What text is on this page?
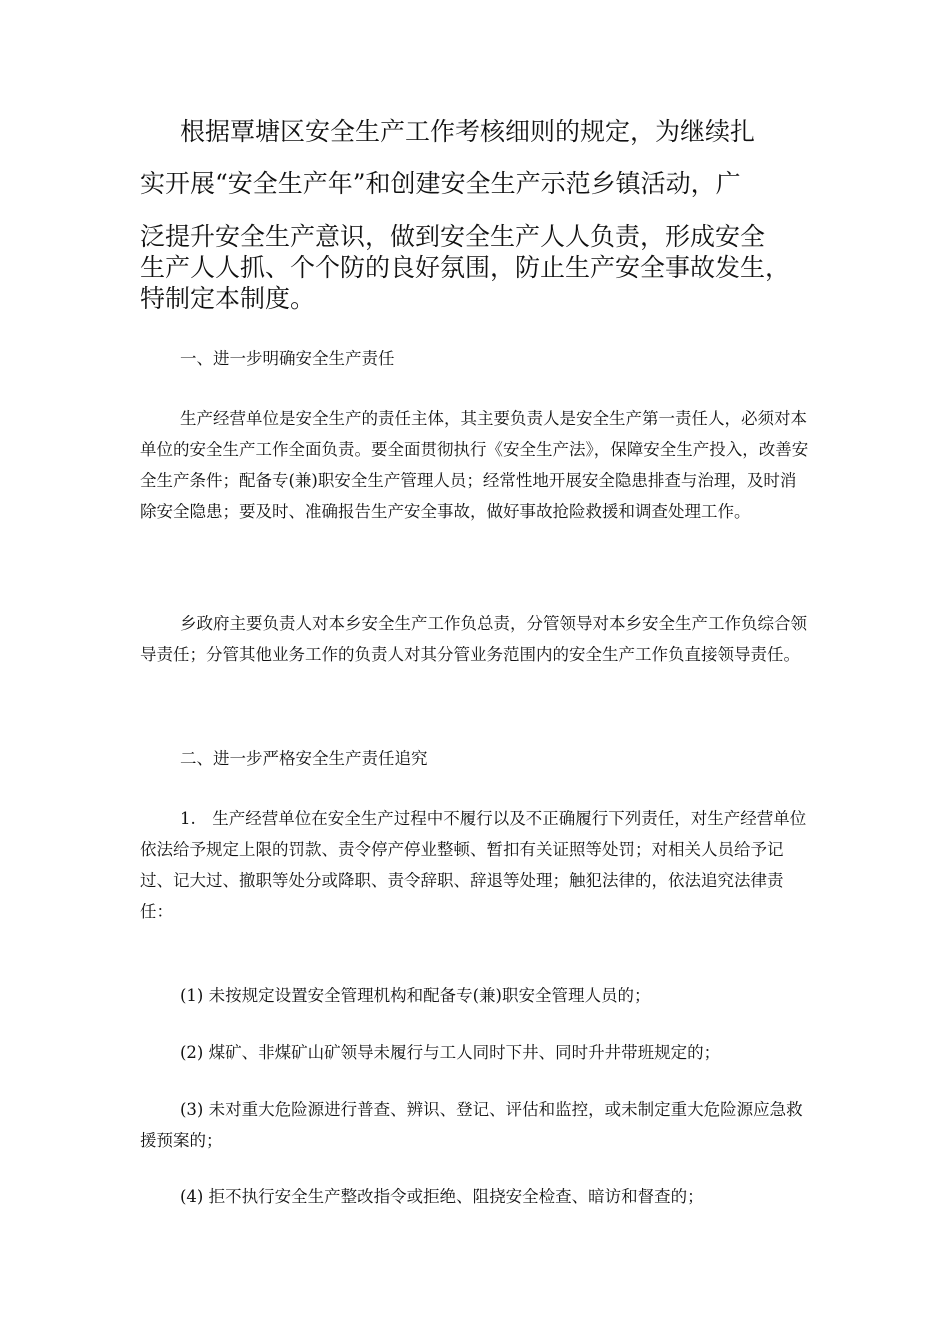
根据覃塘区安全生产工作考核细则的规定，为继续扎
实开展“安全生产年”和创建安全生产示范乡镇活动，广
泛提升安全生产意识，做到安全生产人人负责，形成安全
生产人人抓、个个防的良好氛围，防止生产安全事故发生，
特制定本制度。
一、进一步明确安全生产责任
生产经营单位是安全生产的责任主体，其主要负责人是安全生产第一责任人，必须对本单位的安全生产工作全面负责。要全面贯彻执行《安全生产法》，保障安全生产投入，改善安全生产条件；配备专(兼)职安全生产管理人员；经常性地开展安全隐患排查与治理，及时消除安全隐患；要及时、准确报告生产安全事故，做好事故抢险救援和调查处理工作。
乡政府主要负责人对本乡安全生产工作负总责，分管领导对本乡安全生产工作负综合领导责任；分管其他业务工作的负责人对其分管业务范围内的安全生产工作负直接领导责任。
二、进一步严格安全生产责任追究
1.　生产经营单位在安全生产过程中不履行以及不正确履行下列责任，对生产经营单位依法给予规定上限的罚款、责令停产停业整顿、暂扣有关证照等处罚；对相关人员给予记过、记大过、撤职等处分或降职、责令辞职、辞退等处理；触犯法律的，依法追究法律责任：
(1) 未按规定设置安全管理机构和配备专(兼)职安全管理人员的；
(2) 煤矿、非煤矿山矿领导未履行与工人同时下井、同时升井带班规定的；
(3) 未对重大危险源进行普查、辨识、登记、评估和监控，或未制定重大危险源应急救援预案的；
(4) 拒不执行安全生产整改指令或拒绝、阻挠安全检查、暗访和督查的；
